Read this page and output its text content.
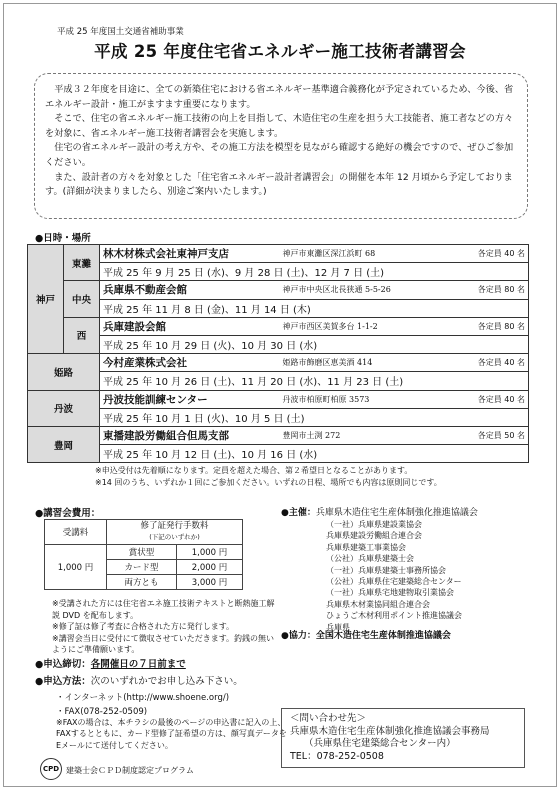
平成 25 年度国土交通省補助事業
平成 25 年度住宅省エネルギー施工技術者講習会

平成３２年度を目途に、全ての新築住宅における省エネルギー基準適合義務化が予定されているため、今後、省エネルギー設計・施工がますます重要になります。

そこで、住宅の省エネルギー施工技術の向上を目指して、木造住宅の生産を担う大工技能者、施工者などの方々を対象に、省エネルギー施工技術者講習会を実施します。

住宅の省エネルギー設計の考え方や、その施工方法を模型を見ながら確認する絶好の機会ですので、ぜひご参加ください。

また、設計者の方々を対象とした「住宅省エネルギー設計者講習会」の開催を本年 12 月頃から予定しております。(詳細が決まりましたら、別途ご案内いたします。)

●日時・場所
神戸	東灘	林木材株式会社東神戸支店	神戸市東灘区深江浜町 68	各定員 40 名
		平成 25 年 9 月 25 日 (水)、9 月 28 日 (土)、12 月 7 日 (土)		
	中央	兵庫県不動産会館	神戸市中央区北長狭通 5-5-26	各定員 80 名
		平成 25 年 11 月 8 日 (金)、11 月 14 日 (木)		
	西	兵庫建設会館	神戸市西区美賀多台 1-1-2	各定員 80 名
		平成 25 年 10 月 29 日 (火)、10 月 30 日 (水)		
姫路		今村産業株式会社	姫路市飾磨区恵美酒 414	各定員 40 名
		平成 25 年 10 月 26 日 (土)、11 月 20 日 (水)、11 月 23 日 (土)		
丹波		丹波技能訓練センター	丹波市柏原町柏原 3573	各定員 40 名
		平成 25 年 10 月 1 日 (火)、10 月 5 日 (土)		
豊岡		東播建設労働組合但馬支部	豊岡市土渕 272	各定員 50 名
		平成 25 年 10 月 12 日 (土)、10 月 16 日 (水)		
※申込受付は先着順になります。定員を超えた場合、第２希望日となることがあります。
※14 回のうち、いずれか１回にご参加ください。いずれの日程、場所でも内容は原則同じです。
●講習会費用：
受講料	修了証発行手数料
(下記のいずれか)	

1,000 円	賞状型	1,000 円
	カード型	2,000 円
	両方とも	3,000 円
※受講された方には住宅省エネ施工技術テキストと断熱施工解説 DVD を配布します。
※修了証は修了考査に合格された方に発行します。
※講習会当日に受付にて徴収させていただきます。釣銭の無いようにご準備願います。
●主催：兵庫県木造住宅生産体制強化推進協議会
（一社）兵庫県建設業協会
兵庫県建設労働組合連合会
兵庫県建築工事業協会
（公社）兵庫県建築士会
（一社）兵庫県建築士事務所協会
（公社）兵庫県住宅建築総合センター
（一社）兵庫県宅地建物取引業協会
兵庫県木材業協同組合連合会
ひょうご木材利用ポイント推進協議会
兵庫県
●協力：全国木造住宅生産体制推進協議会
●申込締切：各開催日の７日前まで
●申込方法：次のいずれかでお申し込み下さい。
・インターネット(http://www.shoene.org/)
・FAX(078-252-0509)
※FAXの場合は、本チラシの最後のページの申込書に記入の上、FAXするとともに、カード型修了証希望の方は、顔写真データをEメールにて送付してください。
＜問い合わせ先＞
兵庫県木造住宅生産体制強化推進協議会事務局
（兵庫県住宅建築総合センター内）
TEL：078-252-0508
CPD 建築士会ＣＰＤ制度認定プログラム
